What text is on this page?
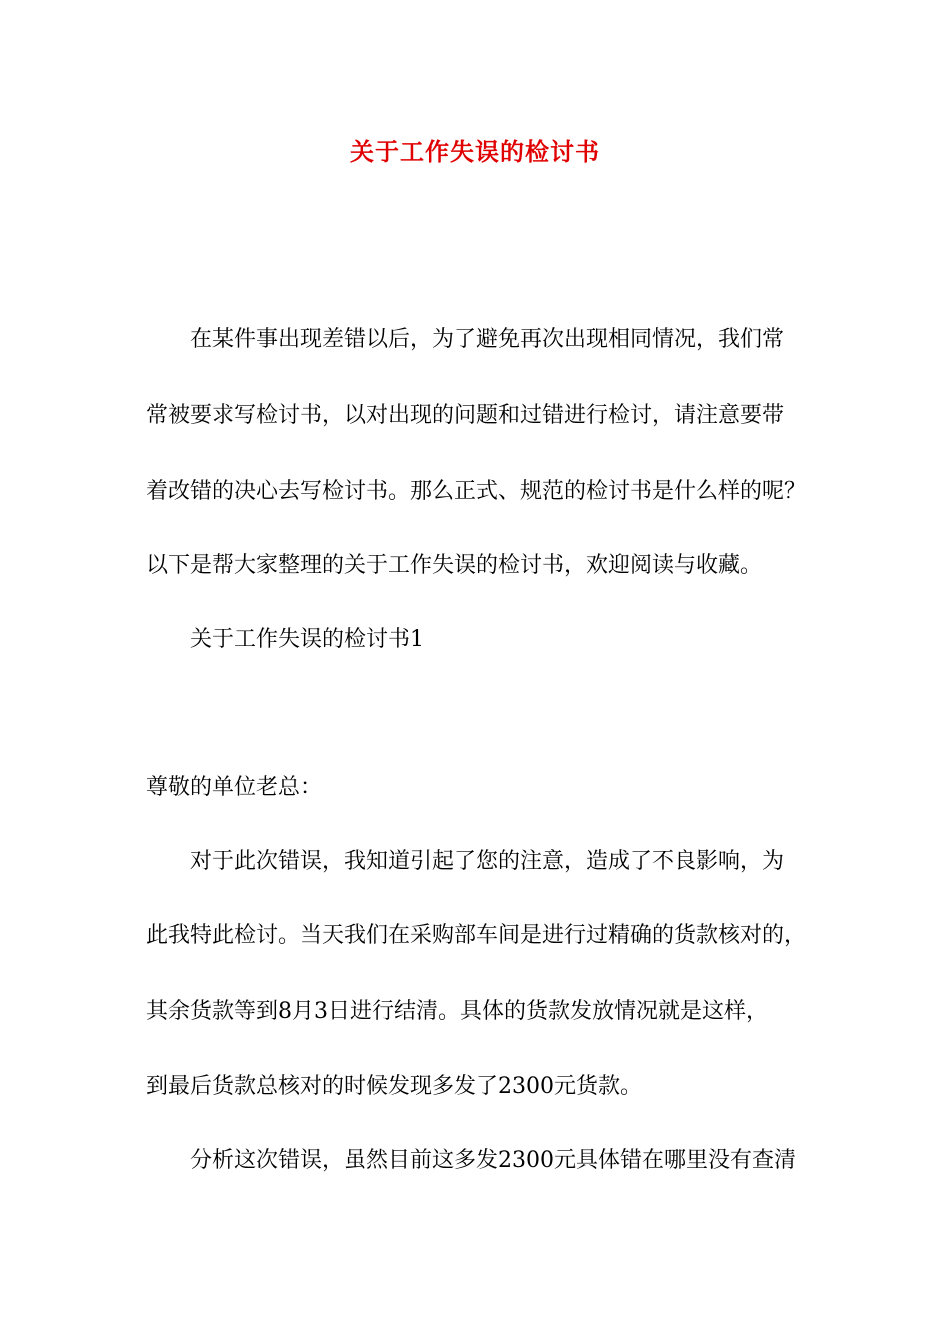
关于工作失误的检讨书
在某件事出现差错以后，为了避免再次出现相同情况，我们常
常被要求写检讨书，以对出现的问题和过错进行检讨，请注意要带
着改错的决心去写检讨书。那么正式、规范的检讨书是什么样的呢？
以下是帮大家整理的关于工作失误的检讨书，欢迎阅读与收藏。
关于工作失误的检讨书1
尊敬的单位老总：
对于此次错误，我知道引起了您的注意，造成了不良影响，为
此我特此检讨。当天我们在采购部车间是进行过精确的货款核对的，
其余货款等到8月3日进行结清。具体的货款发放情况就是这样，
到最后货款总核对的时候发现多发了2300元货款。
分析这次错误，虽然目前这多发2300元具体错在哪里没有查清
